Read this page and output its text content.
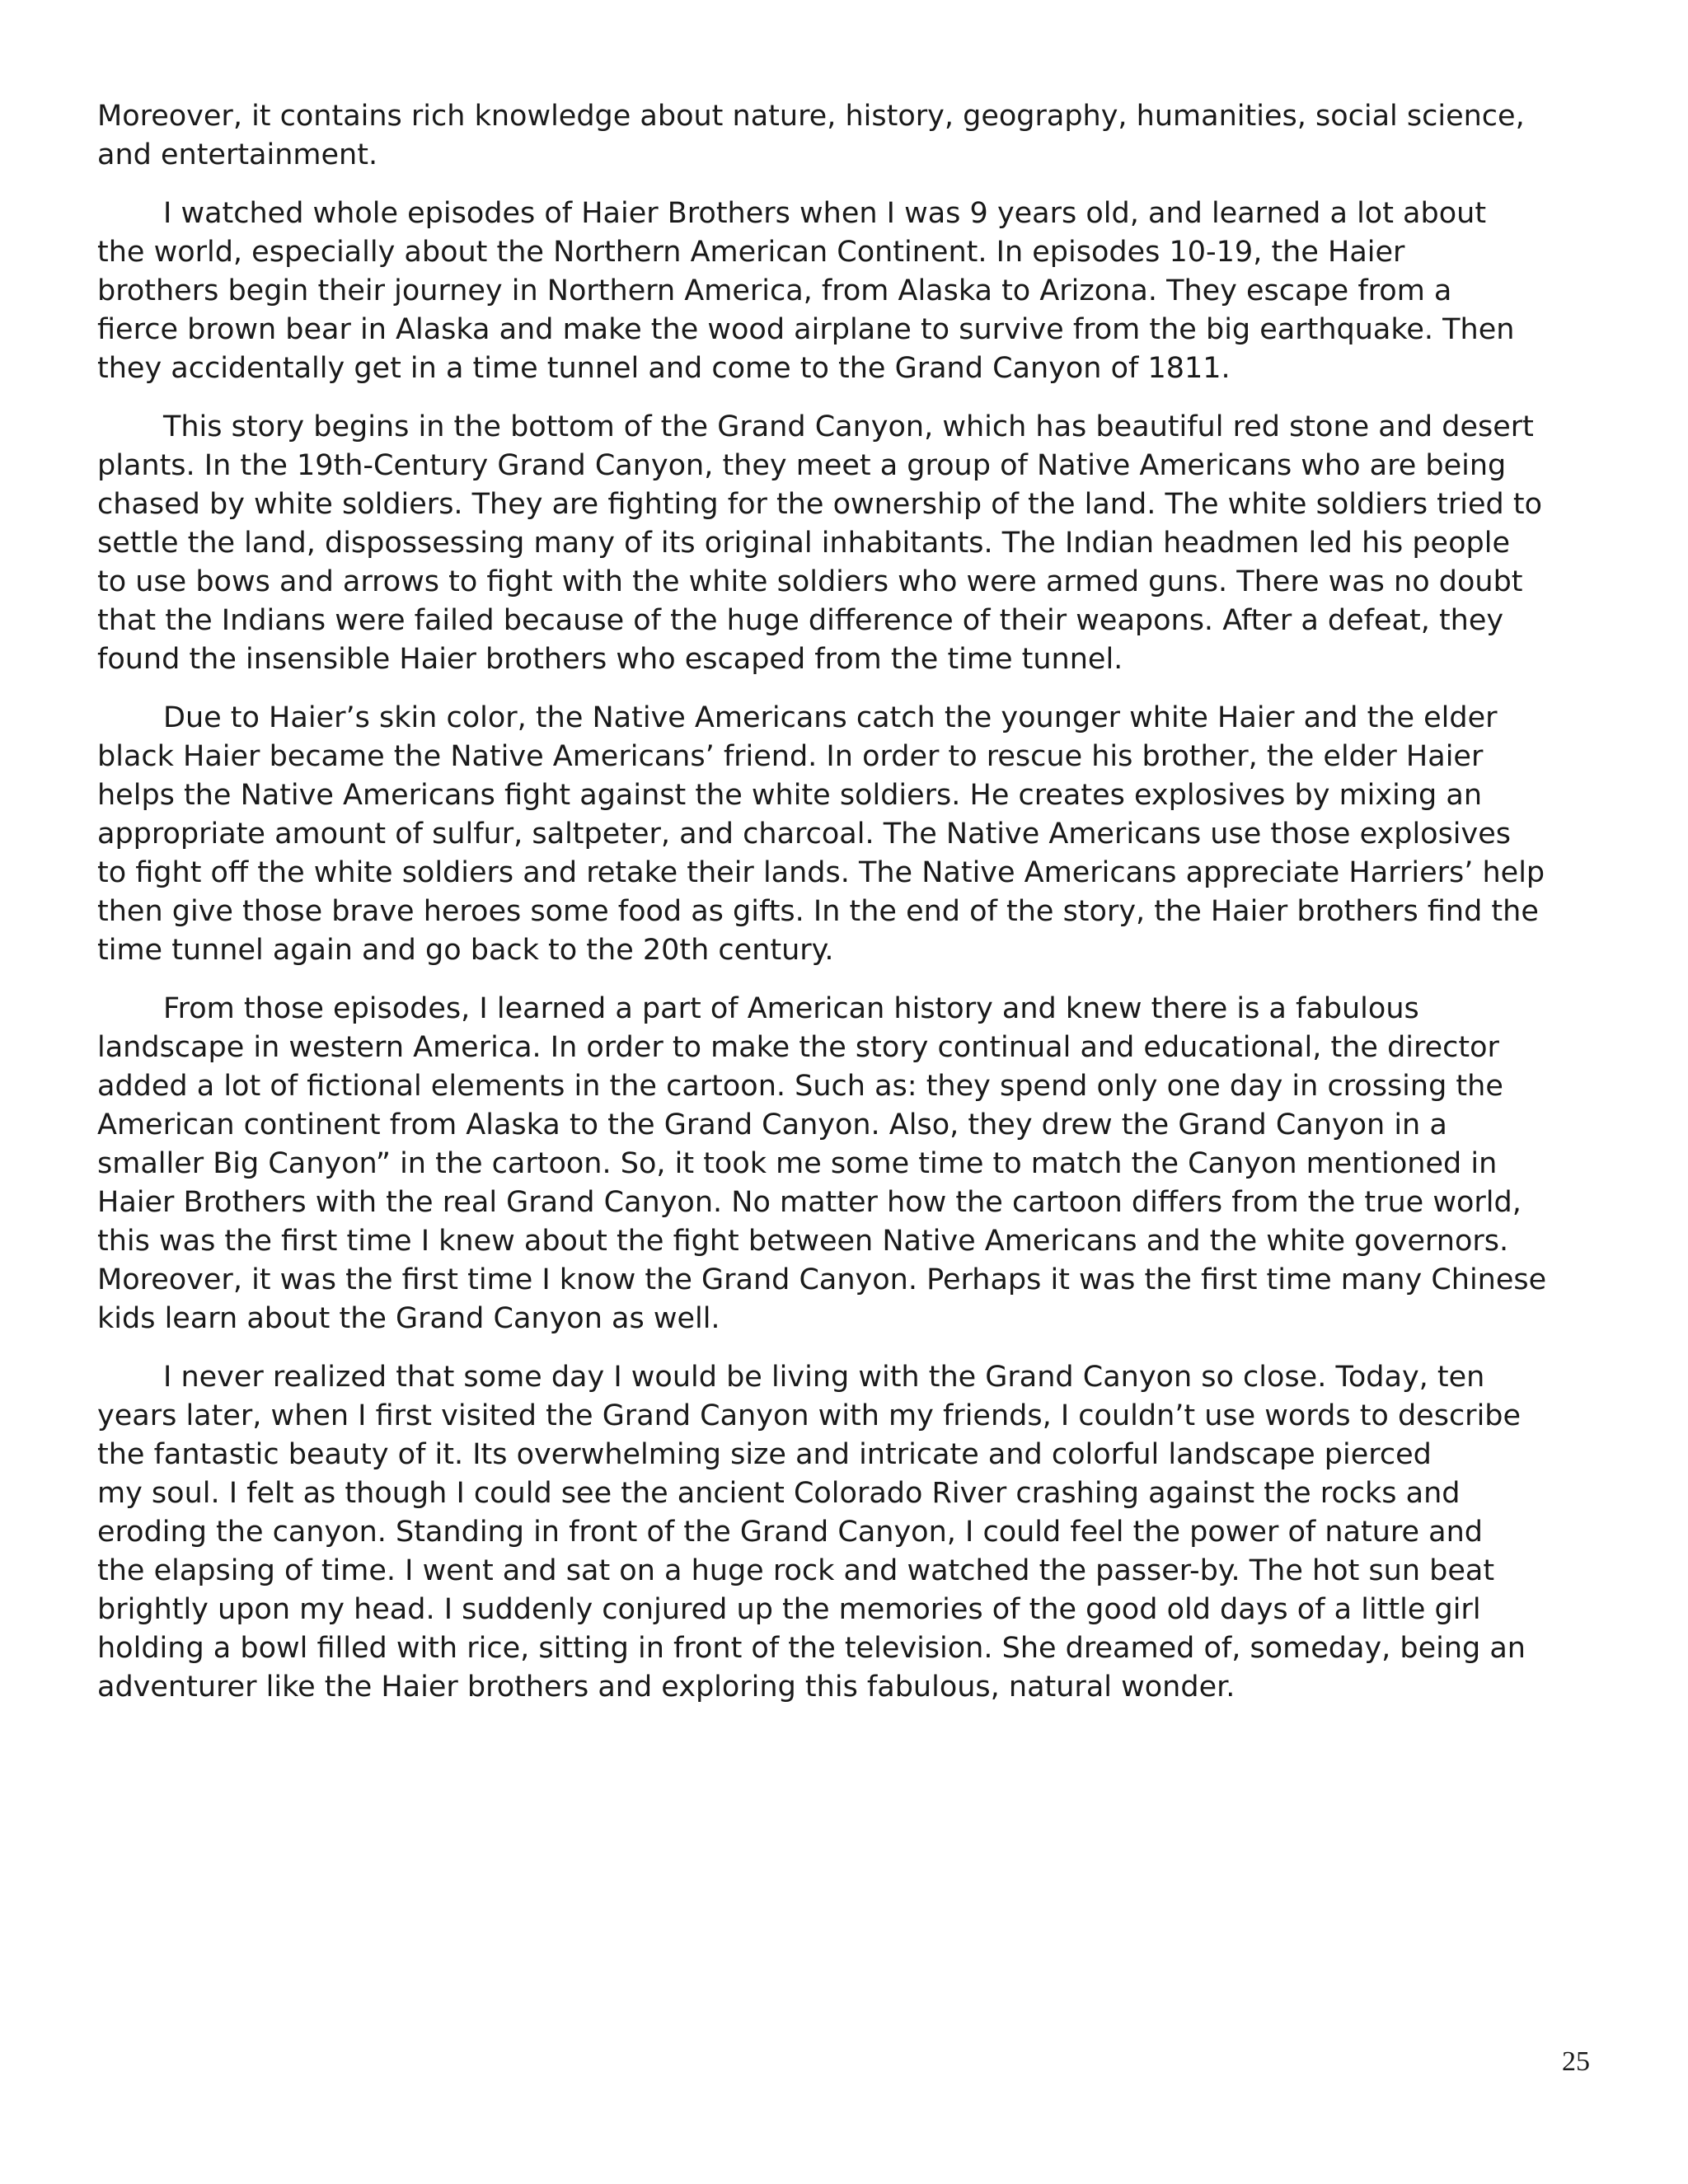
Moreover, it contains rich knowledge about nature, history, geography, humanities, social science,
and entertainment.

I watched whole episodes of Haier Brothers when I was 9 years old, and learned a lot about
the world, especially about the Northern American Continent. In episodes 10-19, the Haier
brothers begin their journey in Northern America, from Alaska to Arizona. They escape from a
fierce brown bear in Alaska and make the wood airplane to survive from the big earthquake. Then
they accidentally get in a time tunnel and come to the Grand Canyon of 1811.

This story begins in the bottom of the Grand Canyon, which has beautiful red stone and desert
plants. In the 19th-Century Grand Canyon, they meet a group of Native Americans who are being
chased by white soldiers. They are fighting for the ownership of the land. The white soldiers tried to
settle the land, dispossessing many of its original inhabitants. The Indian headmen led his people
to use bows and arrows to fight with the white soldiers who were armed guns. There was no doubt
that the Indians were failed because of the huge difference of their weapons. After a defeat, they
found the insensible Haier brothers who escaped from the time tunnel.

Due to Haier’s skin color, the Native Americans catch the younger white Haier and the elder
black Haier became the Native Americans’ friend. In order to rescue his brother, the elder Haier
helps the Native Americans fight against the white soldiers. He creates explosives by mixing an
appropriate amount of sulfur, saltpeter, and charcoal. The Native Americans use those explosives
to fight off the white soldiers and retake their lands. The Native Americans appreciate Harriers’ help
then give those brave heroes some food as gifts. In the end of the story, the Haier brothers find the
time tunnel again and go back to the 20th century.

From those episodes, I learned a part of American history and knew there is a fabulous
landscape in western America. In order to make the story continual and educational, the director
added a lot of fictional elements in the cartoon. Such as: they spend only one day in crossing the
American continent from Alaska to the Grand Canyon. Also, they drew the Grand Canyon in a
smaller Big Canyon” in the cartoon. So, it took me some time to match the Canyon mentioned in
Haier Brothers with the real Grand Canyon. No matter how the cartoon differs from the true world,
this was the first time I knew about the fight between Native Americans and the white governors.
Moreover, it was the first time I know the Grand Canyon. Perhaps it was the first time many Chinese
kids learn about the Grand Canyon as well.

I never realized that some day I would be living with the Grand Canyon so close. Today, ten
years later, when I first visited the Grand Canyon with my friends, I couldn’t use words to describe
the fantastic beauty of it. Its overwhelming size and intricate and colorful landscape pierced
my soul. I felt as though I could see the ancient Colorado River crashing against the rocks and
eroding the canyon. Standing in front of the Grand Canyon, I could feel the power of nature and
the elapsing of time. I went and sat on a huge rock and watched the passer-by. The hot sun beat
brightly upon my head. I suddenly conjured up the memories of the good old days of a little girl
holding a bowl filled with rice, sitting in front of the television. She dreamed of, someday, being an
adventurer like the Haier brothers and exploring this fabulous, natural wonder.

25
